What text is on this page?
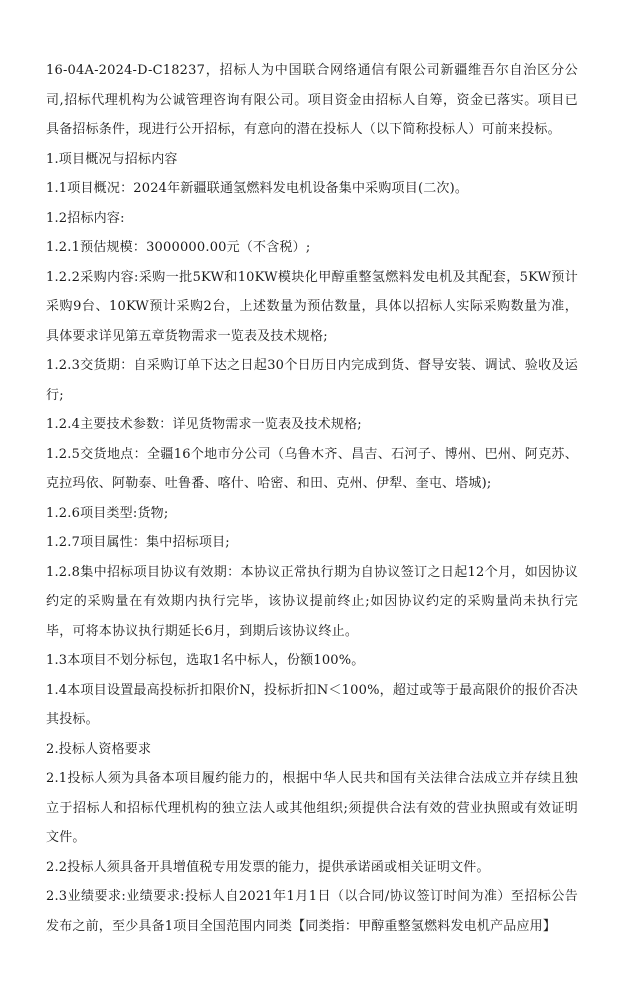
16-04A-2024-D-C18237，招标人为中国联合网络通信有限公司新疆维吾尔自治区分公司,招标代理机构为公诚管理咨询有限公司。项目资金由招标人自筹，资金已落实。项目已具备招标条件，现进行公开招标，有意向的潜在投标人（以下简称投标人）可前来投标。

1.项目概况与招标内容

1.1项目概况：2024年新疆联通氢燃料发电机设备集中采购项目(二次)。

1.2招标内容:

1.2.1预估规模：3000000.00元（不含税）;

1.2.2采购内容:采购一批5KW和10KW模块化甲醇重整氢燃料发电机及其配套，5KW预计采购9台、10KW预计采购2台，上述数量为预估数量，具体以招标人实际采购数量为准，具体要求详见第五章货物需求一览表及技术规格;

1.2.3交货期：自采购订单下达之日起30个日历日内完成到货、督导安装、调试、验收及运行;

1.2.4主要技术参数：详见货物需求一览表及技术规格;

1.2.5交货地点：全疆16个地市分公司（乌鲁木齐、昌吉、石河子、博州、巴州、阿克苏、克拉玛依、阿勒泰、吐鲁番、喀什、哈密、和田、克州、伊犁、奎屯、塔城);

1.2.6项目类型:货物;

1.2.7项目属性：集中招标项目;

1.2.8集中招标项目协议有效期：本协议正常执行期为自协议签订之日起12个月，如因协议约定的采购量在有效期内执行完毕，该协议提前终止;如因协议约定的采购量尚未执行完毕，可将本协议执行期延长6月，到期后该协议终止。

1.3本项目不划分标包，选取1名中标人，份额100%。

1.4本项目设置最高投标折扣限价N，投标折扣N＜100%，超过或等于最高限价的报价否决其投标。

2.投标人资格要求

2.1投标人须为具备本项目履约能力的，根据中华人民共和国有关法律合法成立并存续且独立于招标人和招标代理机构的独立法人或其他组织;须提供合法有效的营业执照或有效证明文件。

2.2投标人须具备开具增值税专用发票的能力，提供承诺函或相关证明文件。

2.3业绩要求:业绩要求:投标人自2021年1月1日（以合同/协议签订时间为准）至招标公告发布之前，至少具备1项目全国范围内同类【同类指：甲醇重整氢燃料发电机产品应用】
